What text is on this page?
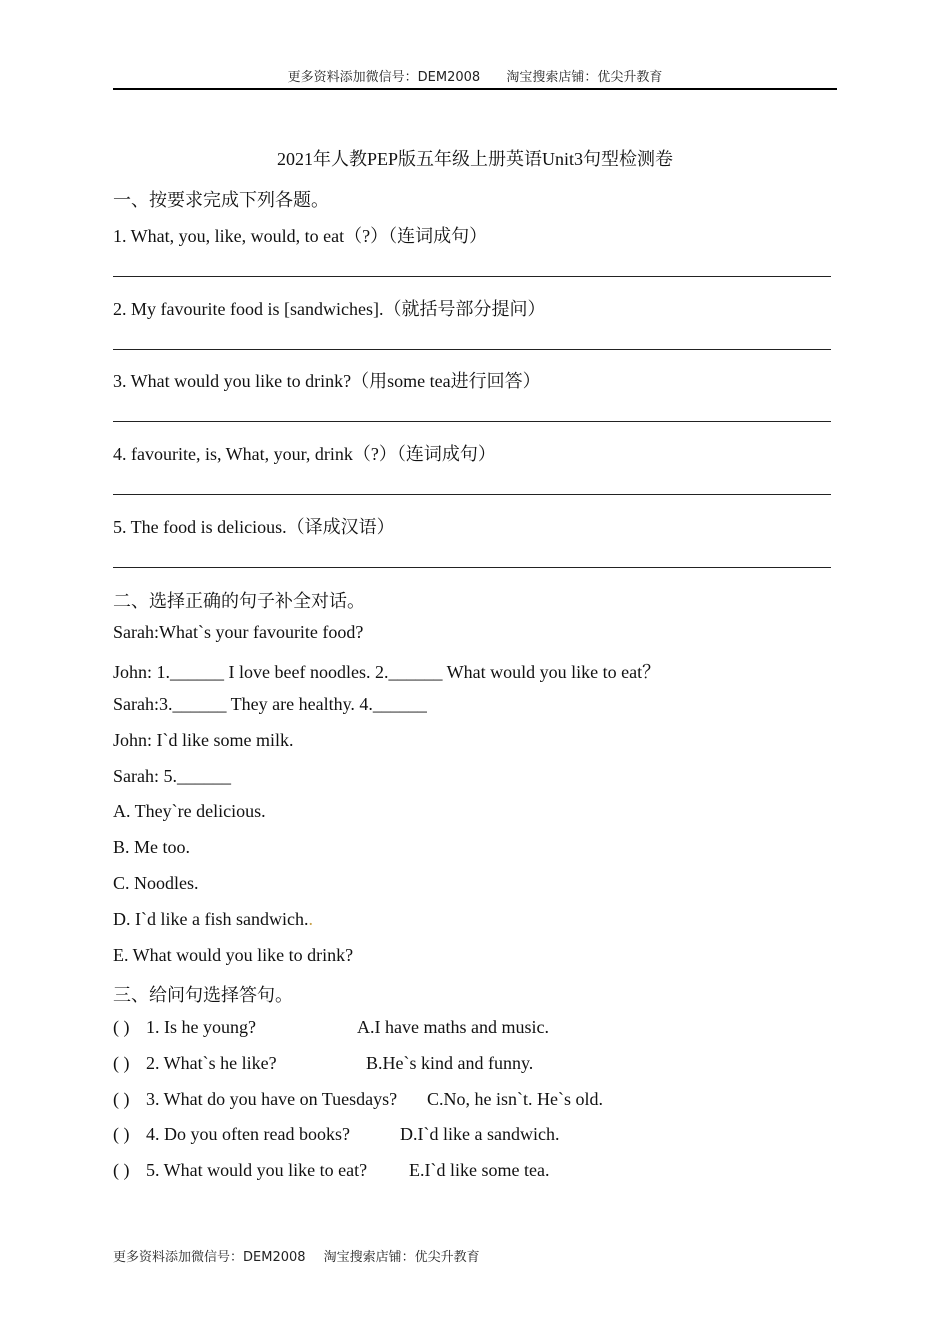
更多资料添加微信号：DEM2008 淘宝搜索店铺：优尖升教育
2021年人教PEP版五年级上册英语Unit3句型检测卷
一、按要求完成下列各题。
1. What, you, like, would, to eat（?）（连词成句）
2. My favourite food is [sandwiches].（就括号部分提问）
3. What would you like to drink?（用some tea进行回答）
4. favourite, is, What, your, drink（?）（连词成句）
5. The food is delicious.（译成汉语）
二、选择正确的句子补全对话。
Sarah:What`s your favourite food?
John: 1.______ I love beef noodles. 2.______ What would you like to eat？
Sarah:3.______ They are healthy. 4.______
John: I`d like some milk.
Sarah: 5.______
A. They`re delicious.
B. Me too.
C. Noodles.
D. I`d like a fish sandwich..
E. What would you like to drink?
三、给问句选择答句。
( ) 1. Is he young?	A.I have maths and music.
( ) 2. What`s he like?	B.He`s kind and funny.
( ) 3. What do you have on Tuesdays? C.No, he isn`t. He`s old.
( ) 4. Do you often read books?	D.I`d like a sandwich.
( ) 5. What would you like to eat? E.I`d like some tea.
更多资料添加微信号：DEM2008 淘宝搜索店铺：优尖升教育
